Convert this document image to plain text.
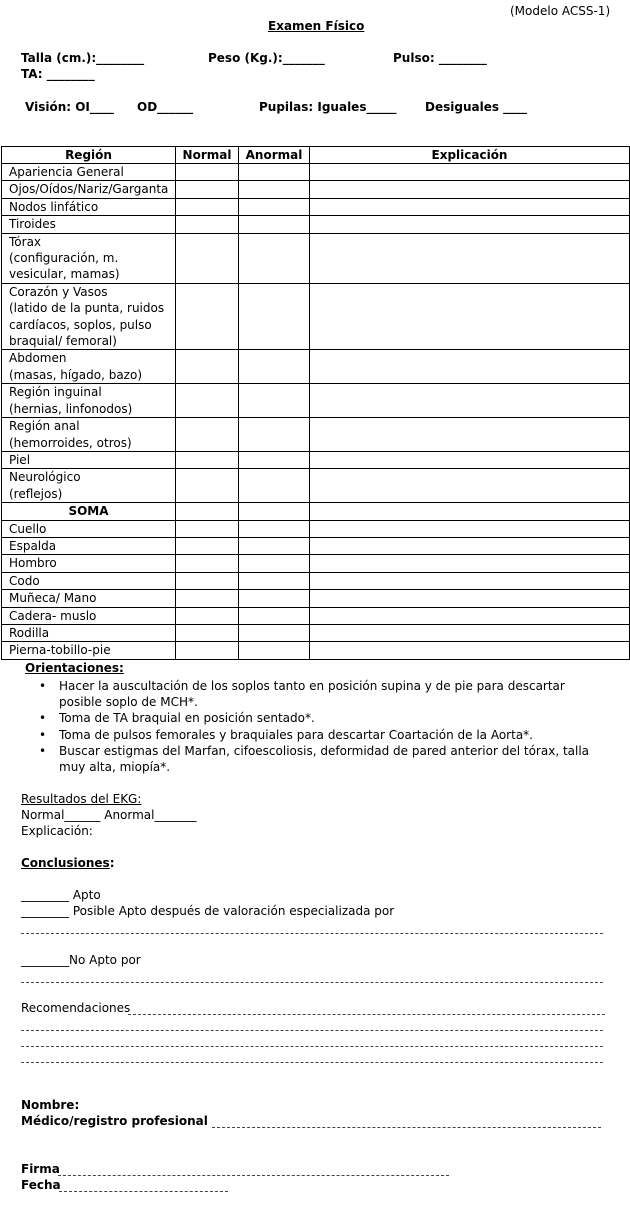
(Modelo ACSS-1)
Examen Físico
Talla (cm.):________	Peso (Kg.):_______	Pulso: ________
TA: ________
Visión: OI____ OD______	Pupilas: Iguales_____ Desiguales ____
Región	Normal	Anormal	Explicación

Apariencia General			

Ojos/Oídos/Nariz/Garganta			

Nodos linfático			

Tiroides			

Tórax
(configuración, m.
vesicular, mamas)			

Corazón y Vasos
(latido de la punta, ruidos
cardíacos, soplos, pulso
braquial/ femoral)			

Abdomen
(masas, hígado, bazo)			

Región inguinal
(hernias, linfonodos)			

Región anal
(hemorroides, otros)			

Piel			

Neurológico
(reflejos)			

SOMA			

Cuello			

Espalda			

Hombro			

Codo			

Muñeca/ Mano			

Cadera- muslo			

Rodilla			

Pierna-tobillo-pie			

Orientaciones:
• Hacer la auscultación de los soplos tanto en posición supina y de pie para descartar posible soplo de MCH*.
• Toma de TA braquial en posición sentado*.
• Toma de pulsos femorales y braquiales para descartar Coartación de la Aorta*.
• Buscar estigmas del Marfan, cifoescoliosis, deformidad de pared anterior del tórax, talla muy alta, miopía*.
Resultados del EKG:
Normal______ Anormal_______
Explicación:
Conclusiones:
________ Apto
________ Posible Apto después de valoración especializada por
________No Apto por
Recomendaciones
Nombre:
Médico/registro profesional
Firma
Fecha
